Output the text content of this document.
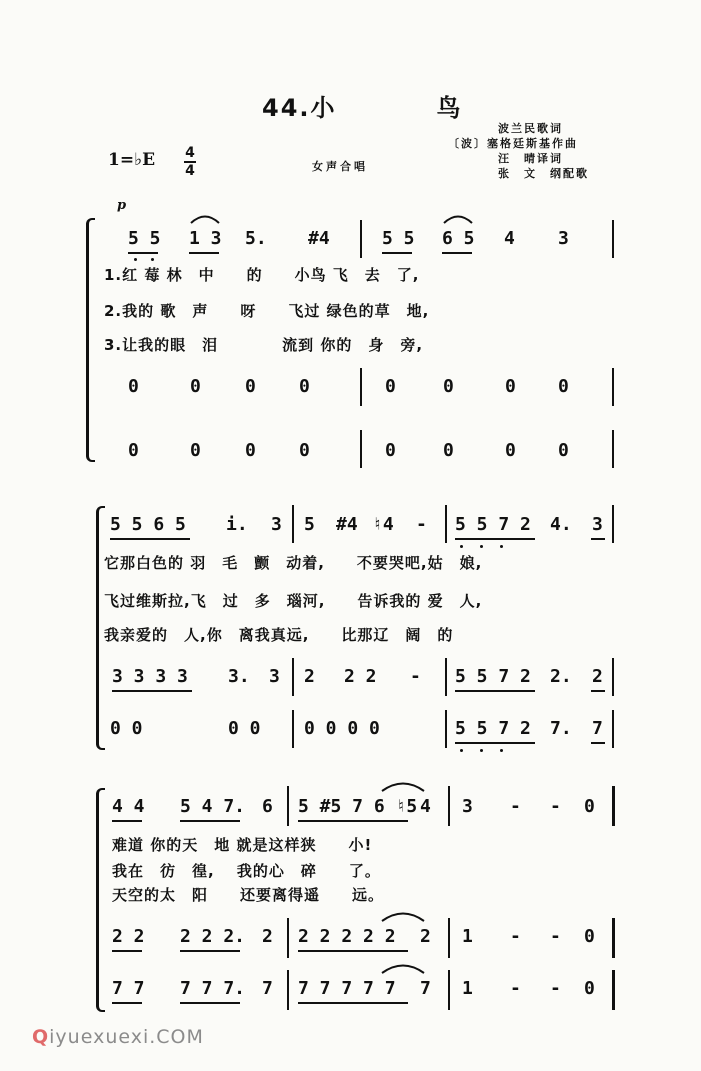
44.小	鸟
1=♭E 4
4	女声合唱
波兰民歌词
〔波〕塞格廷斯基作曲
汪　晴译词
张　文　纲配歌
p
5 5 1 3 5. #4	5 5 6 5 4 3
1.红 莓 林　中　　的　　小鸟 飞　去　了,
2.我的 歌　声　　呀　　飞过 绿色的草　地,
3.让我的眼　泪　　　　流到 你的　身　旁,
0	0 0 0	0	0	0 0
0	0 0 0	0	0	0 0
5 5 6 5 i. 3 5 #4 ♮4 - 5 5 7 2 4. 3
它那白色的 羽　毛　颤　动着,　　不要哭吧,姑　娘,
飞过维斯拉,飞　过　多　瑙河,　　告诉我的 爱　人,
我亲爱的　人,你　离我真远,　　比那辽　阔　的
3 3 3 3 3. 3 2 2 2 - 5 5 7 2 2. 2
0 0	0 0 0 0 0 0	5 5 7 2 7. 7
4 4 5 4 7. 6 5 #5 7 6 ♮5 4 3 - - 0
难道 你的天　地 就是这样狭　　小!
我在　彷　徨,　 我的心　碎　　了。
天空的太　阳　　还要离得遥　　远。
2 2 2 2 2. 2 2 2 2 2 2 2 1 - - 0
7 7 7 7 7. 7 7 7 7 7 7 7 1 - - 0
Qiyuexuexi.COM
